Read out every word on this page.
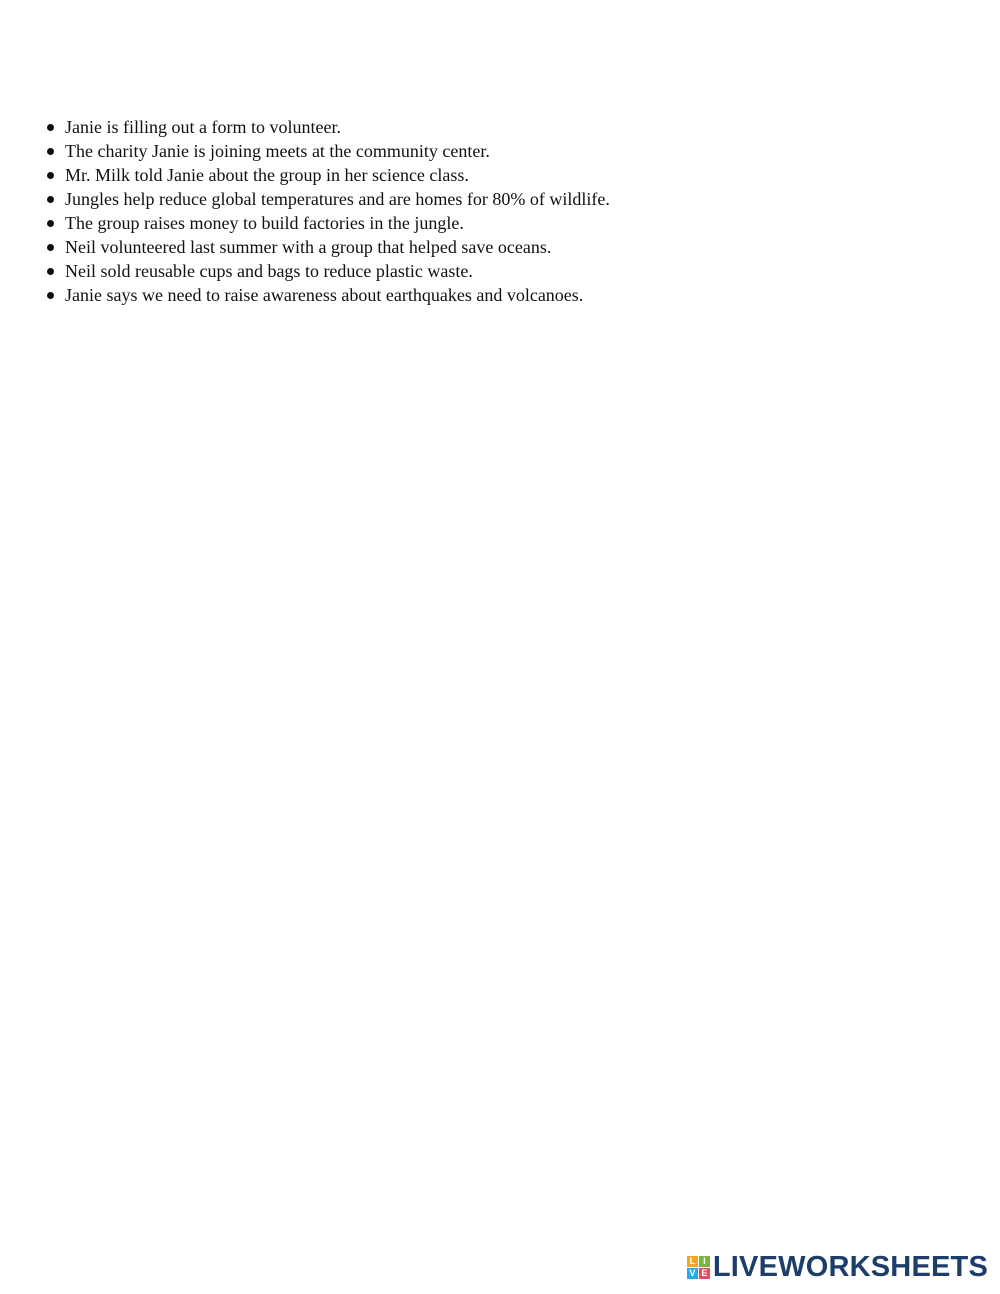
Janie is filling out a form to volunteer.
The charity Janie is joining meets at the community center.
Mr. Milk told Janie about the group in her science class.
Jungles help reduce global temperatures and are homes for 80% of wildlife.
The group raises money to build factories in the jungle.
Neil volunteered last summer with a group that helped save oceans.
Neil sold reusable cups and bags to reduce plastic waste.
Janie says we need to raise awareness about earthquakes and volcanoes.
L I
V E LIVEWORKSHEETS
